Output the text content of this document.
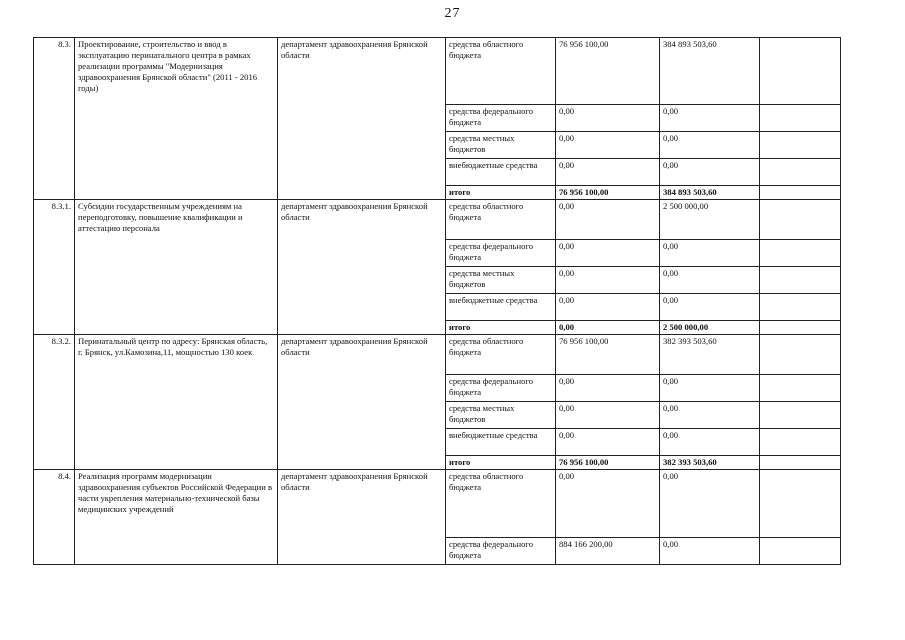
27
8.3.	Проектирование, строительство и ввод в эксплуатацию перинатального центра в рамках реализации программы "Модернизация здравоохранения Брянской области" (2011 - 2016 годы)	департамент здравоохранения Брянской области	средства областного бюджета	76 956 100,00	384 893 503,60	
			средства федерального бюджета	0,00	0,00	
			средства местных бюджетов	0,00	0,00	
			внебюджетные средства	0,00	0,00	
			итого	76 956 100,00	384 893 503,60	
8.3.1.	Субсидии государственным учреждениям на переподготовку, повышение квалификации и аттестацию персонала	департамент здравоохранения Брянской области	средства областного бюджета	0,00	2 500 000,00	
			средства федерального бюджета	0,00	0,00	
			средства местных бюджетов	0,00	0,00	
			внебюджетные средства	0,00	0,00	
			итого	0,00	2 500 000,00	
8.3.2.	Перинатальный центр по адресу: Брянская область, г. Брянск, ул.Камозина,11, мощностью 130 коек	департамент здравоохранения Брянской области	средства областного бюджета	76 956 100,00	382 393 503,60	
			средства федерального бюджета	0,00	0,00	
			средства местных бюджетов	0,00	0,00	
			внебюджетные средства	0,00	0,00	
			итого	76 956 100,00	382 393 503,60	
8.4.	Реализация программ модернизации здравоохранения субъектов Российской Федерации в части укрепления материально-технической базы медицинских учреждений	департамент здравоохранения Брянской области	средства областного бюджета	0,00	0,00	
			средства федерального бюджета	884 166 200,00	0,00	
